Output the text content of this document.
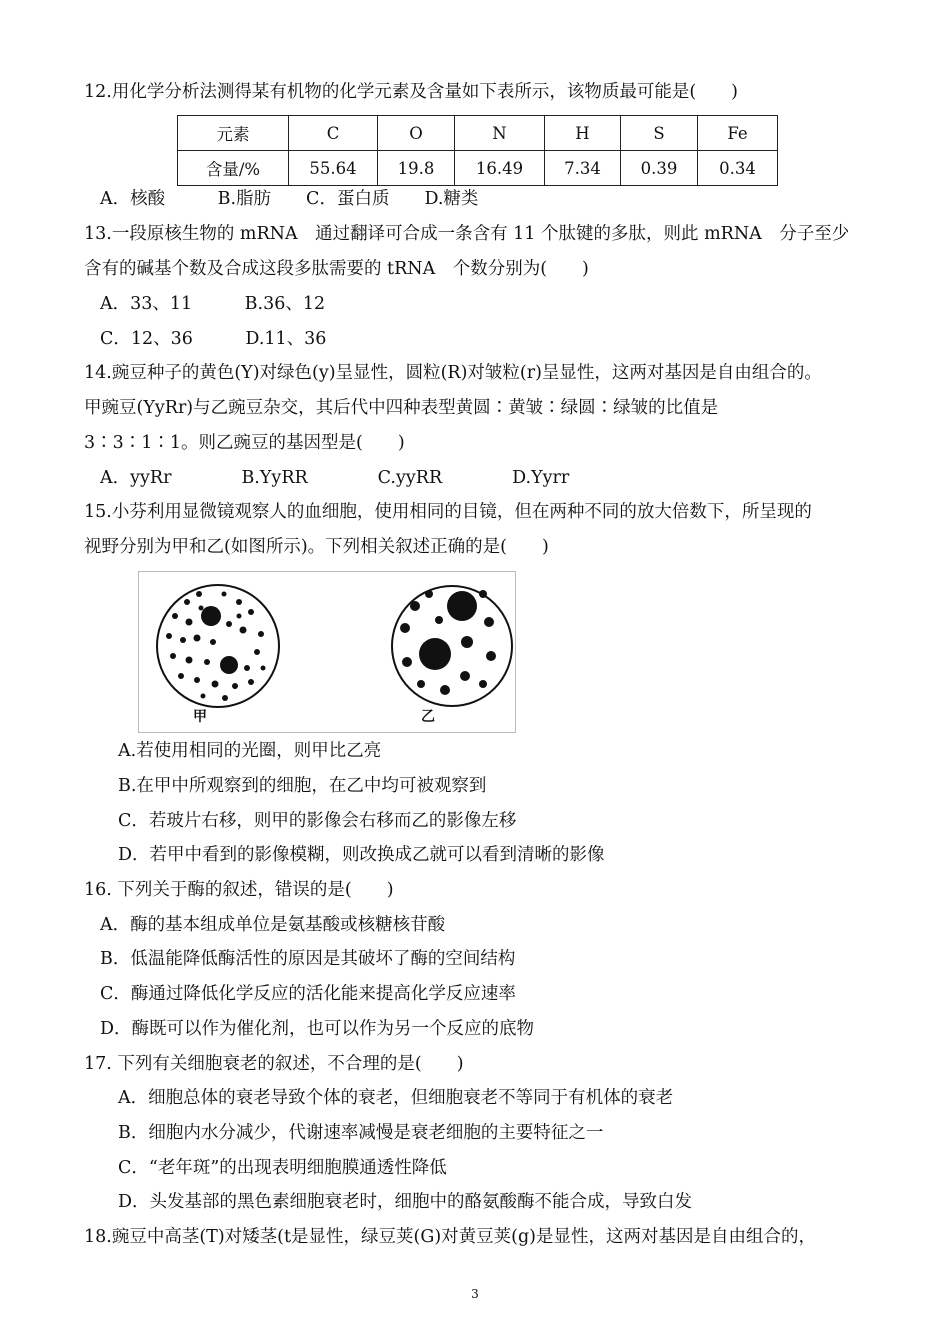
12.用化学分析法测得某有机物的化学元素及含量如下表所示，该物质最可能是(　　)
元素	C	O	N	H	S	Fe
含量/%	55.64	19.8	16.49	7.34	0.39	0.34
A．核酸　　　B.脂肪　　C．蛋白质　　D.糖类
13.一段原核生物的 mRNA　通过翻译可合成一条含有 11 个肽键的多肽，则此 mRNA　分子至少
含有的碱基个数及合成这段多肽需要的 tRNA　个数分别为(　　)
A．33、11　　　B.36、12
C．12、36　　　D.11、36
14.豌豆种子的黄色(Y)对绿色(y)呈显性，圆粒(R)对皱粒(r)呈显性，这两对基因是自由组合的。
甲豌豆(YyRr)与乙豌豆杂交，其后代中四种表型黄圆∶黄皱∶绿圆∶绿皱的比值是
3∶3∶1∶1。则乙豌豆的基因型是(　　)
A．yyRr　　　　B.YyRR　　　　C.yyRR　　　　D.Yyrr
15.小芬利用显微镜观察人的血细胞，使用相同的目镜，但在两种不同的放大倍数下，所呈现的
视野分别为甲和乙(如图所示)。下列相关叙述正确的是(　　)
甲	乙
A.若使用相同的光圈，则甲比乙亮
B.在甲中所观察到的细胞，在乙中均可被观察到
C．若玻片右移，则甲的影像会右移而乙的影像左移
D．若甲中看到的影像模糊，则改换成乙就可以看到清晰的影像
16. 下列关于酶的叙述，错误的是(　　)
A．酶的基本组成单位是氨基酸或核糖核苷酸
B．低温能降低酶活性的原因是其破坏了酶的空间结构
C．酶通过降低化学反应的活化能来提高化学反应速率
D．酶既可以作为催化剂，也可以作为另一个反应的底物
17. 下列有关细胞衰老的叙述，不合理的是(　　)
A．细胞总体的衰老导致个体的衰老，但细胞衰老不等同于有机体的衰老
B．细胞内水分减少，代谢速率减慢是衰老细胞的主要特征之一
C．“老年斑”的出现表明细胞膜通透性降低
D．头发基部的黑色素细胞衰老时，细胞中的酪氨酸酶不能合成，导致白发
18.豌豆中高茎(T)对矮茎(t是显性，绿豆荚(G)对黄豆荚(g)是显性，这两对基因是自由组合的，
3
